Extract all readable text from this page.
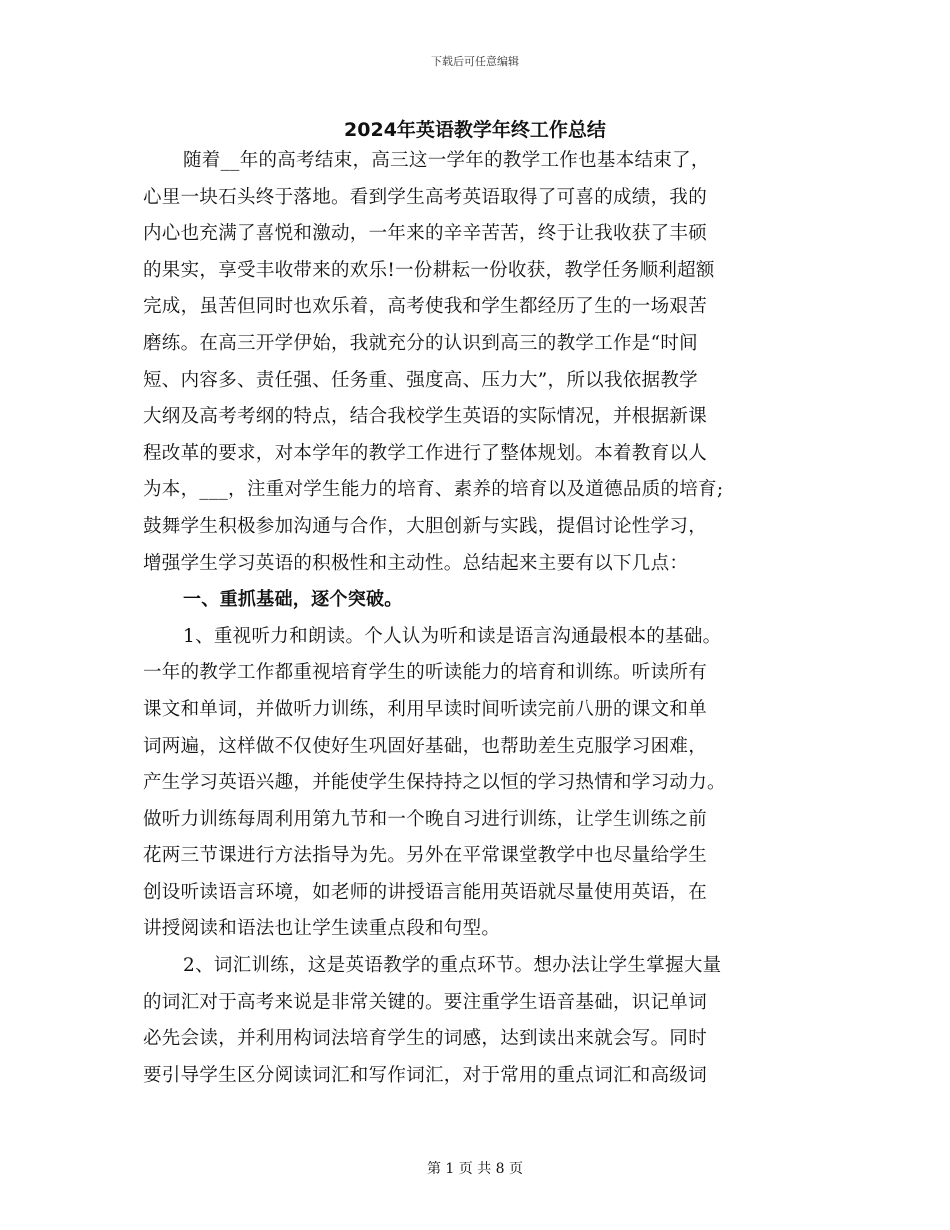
下载后可任意编辑
2024年英语教学年终工作总结
随着__年的高考结束，高三这一学年的教学工作也基本结束了，
心里一块石头终于落地。看到学生高考英语取得了可喜的成绩，我的
内心也充满了喜悦和激动，一年来的辛辛苦苦，终于让我收获了丰硕
的果实，享受丰收带来的欢乐!一份耕耘一份收获，教学任务顺利超额
完成，虽苦但同时也欢乐着，高考使我和学生都经历了生的一场艰苦
磨练。在高三开学伊始，我就充分的认识到高三的教学工作是“时间
短、内容多、责任强、任务重、强度高、压力大”，所以我依据教学
大纲及高考考纲的特点，结合我校学生英语的实际情况，并根据新课
程改革的要求，对本学年的教学工作进行了整体规划。本着教育以人
为本，___，注重对学生能力的培育、素养的培育以及道德品质的培育;
鼓舞学生积极参加沟通与合作，大胆创新与实践，提倡讨论性学习，
增强学生学习英语的积极性和主动性。总结起来主要有以下几点：
一、重抓基础，逐个突破。
1、重视听力和朗读。个人认为听和读是语言沟通最根本的基础。
一年的教学工作都重视培育学生的听读能力的培育和训练。听读所有
课文和单词，并做听力训练，利用早读时间听读完前八册的课文和单
词两遍，这样做不仅使好生巩固好基础，也帮助差生克服学习困难，
产生学习英语兴趣，并能使学生保持持之以恒的学习热情和学习动力。
做听力训练每周利用第九节和一个晚自习进行训练，让学生训练之前
花两三节课进行方法指导为先。另外在平常课堂教学中也尽量给学生
创设听读语言环境，如老师的讲授语言能用英语就尽量使用英语，在
讲授阅读和语法也让学生读重点段和句型。
2、词汇训练，这是英语教学的重点环节。想办法让学生掌握大量
的词汇对于高考来说是非常关键的。要注重学生语音基础，识记单词
必先会读，并利用构词法培育学生的词感，达到读出来就会写。同时
要引导学生区分阅读词汇和写作词汇，对于常用的重点词汇和高级词
第 1 页 共 8 页
